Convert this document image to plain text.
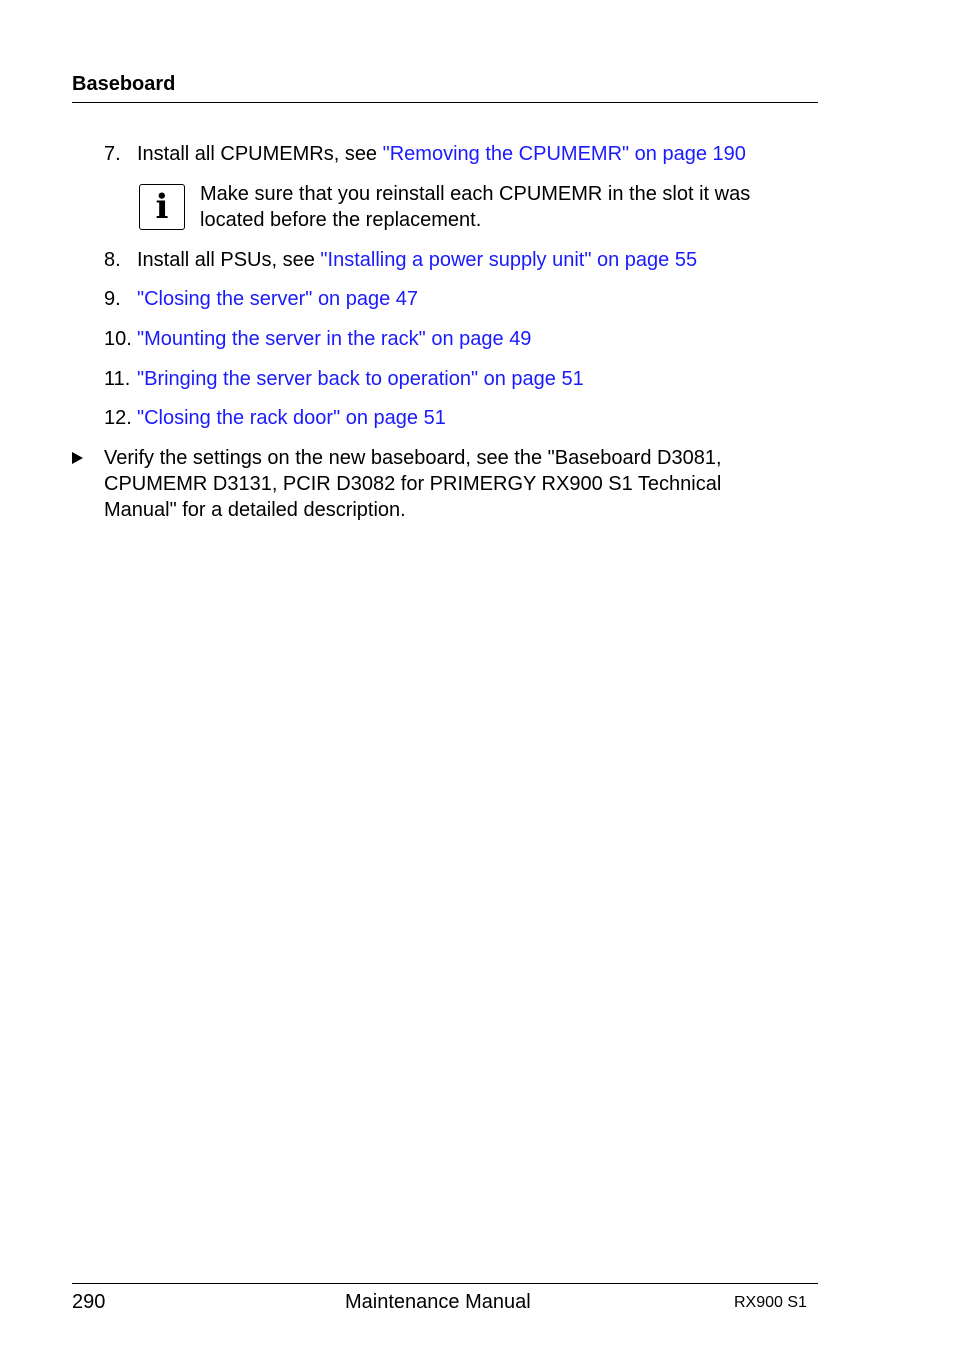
Baseboard
7. Install all CPUMEMRs, see "Removing the CPUMEMR" on page 190
i	Make sure that you reinstall each CPUMEMR in the slot it was
located before the replacement.
8. Install all PSUs, see "Installing a power supply unit" on page 55
9. "Closing the server" on page 47
10. "Mounting the server in the rack" on page 49
11. "Bringing the server back to operation" on page 51
12. "Closing the rack door" on page 51
Verify the settings on the new baseboard, see the "Baseboard D3081,
CPUMEMR D3131, PCIR D3082 for PRIMERGY RX900 S1 Technical
Manual" for a detailed description.
290	Maintenance Manual	RX900 S1
